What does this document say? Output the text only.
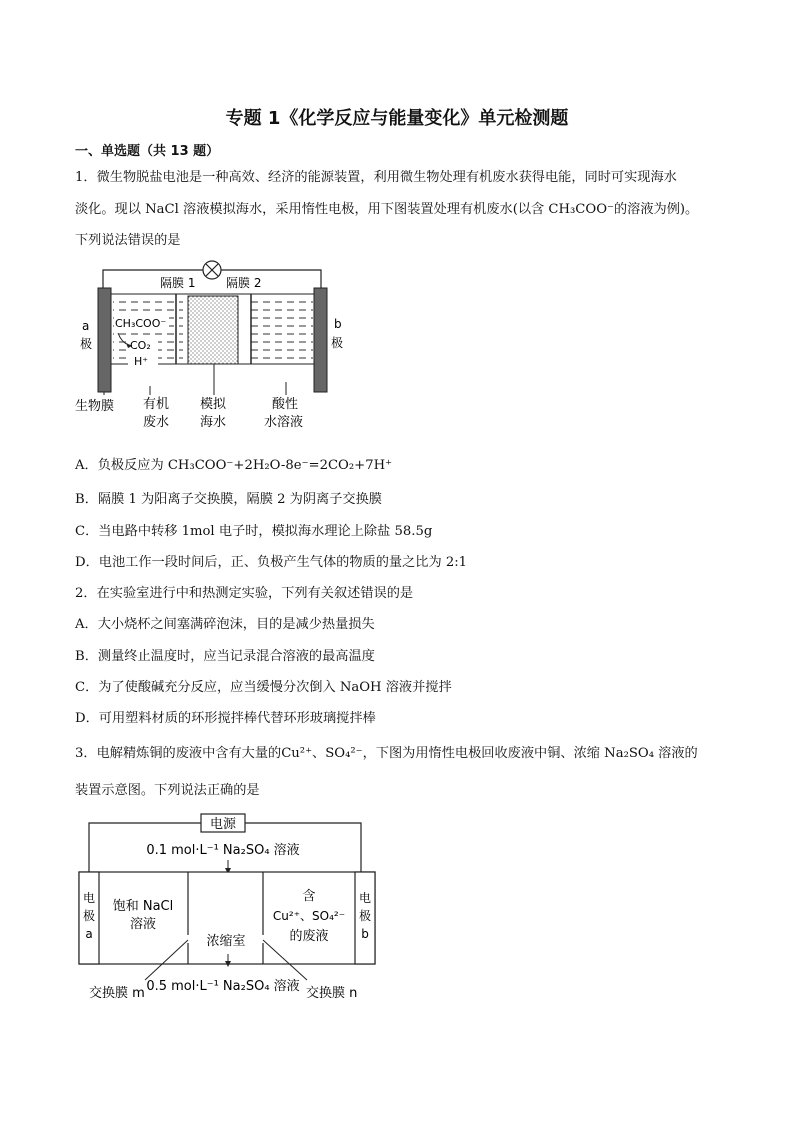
专题 1《化学反应与能量变化》单元检测题
一、单选题（共 13 题）
1．微生物脱盐电池是一种高效、经济的能源装置，利用微生物处理有机废水获得电能，同时可实现海水
淡化。现以 NaCl 溶液模拟海水，采用惰性电极，用下图装置处理有机废水(以含 CH₃COO⁻的溶液为例)。
下列说法错误的是
隔膜 1	隔膜 2
a
极
b
极
CH₃COO⁻
CO₂
H⁺
生物膜 有机
废水
模拟
海水
酸性
水溶液
A．负极反应为 CH₃COO⁻+2H₂O-8e⁻=2CO₂+7H⁺
B．隔膜 1 为阳离子交换膜，隔膜 2 为阴离子交换膜
C．当电路中转移 1mol 电子时，模拟海水理论上除盐 58.5g
D．电池工作一段时间后，正、负极产生气体的物质的量之比为 2:1
2．在实验室进行中和热测定实验，下列有关叙述错误的是
A．大小烧杯之间塞满碎泡沫，目的是减少热量损失
B．测量终止温度时，应当记录混合溶液的最高温度
C．为了使酸碱充分反应，应当缓慢分次倒入 NaOH 溶液并搅拌
D．可用塑料材质的环形搅拌棒代替环形玻璃搅拌棒
3．电解精炼铜的废液中含有大量的Cu²⁺、SO₄²⁻，下图为用惰性电极回收废液中铜、浓缩 Na₂SO₄ 溶液的
装置示意图。下列说法正确的是
电源
0.1 mol·L⁻¹ Na₂SO₄ 溶液
电
极
a
电
极
b
饱和 NaCl
溶液
含
Cu²⁺、SO₄²⁻
的废液
浓缩室
0.5 mol·L⁻¹ Na₂SO₄ 溶液
交换膜 m	交换膜 n
